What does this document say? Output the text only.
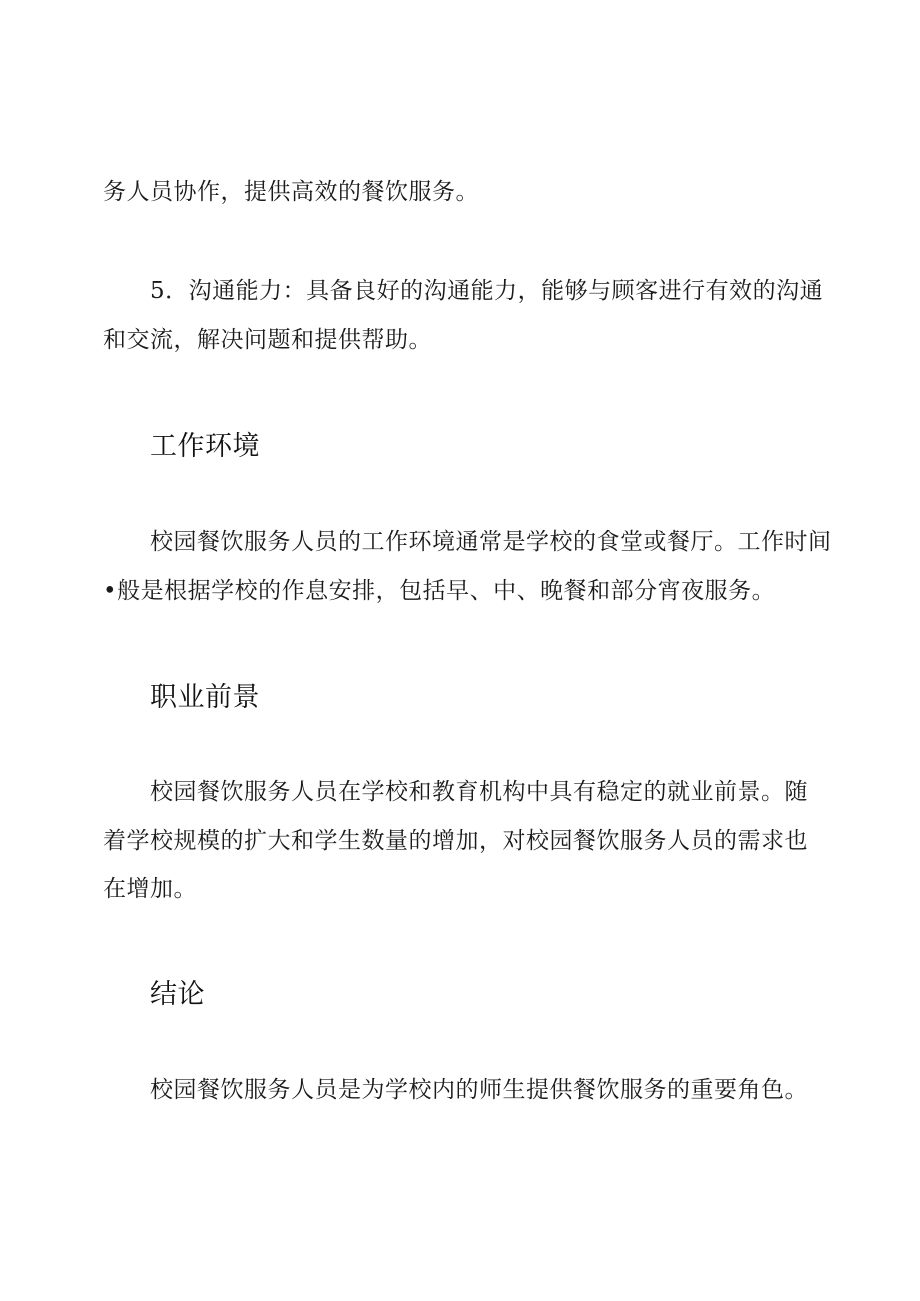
务人员协作，提供高效的餐饮服务。
5．沟通能力：具备良好的沟通能力，能够与顾客进行有效的沟通
和交流，解决问题和提供帮助。
工作环境
校园餐饮服务人员的工作环境通常是学校的食堂或餐厅。工作时间
•般是根据学校的作息安排，包括早、中、晚餐和部分宵夜服务。
职业前景
校园餐饮服务人员在学校和教育机构中具有稳定的就业前景。随
着学校规模的扩大和学生数量的增加，对校园餐饮服务人员的需求也
在增加。
结论
校园餐饮服务人员是为学校内的师生提供餐饮服务的重要角色。
